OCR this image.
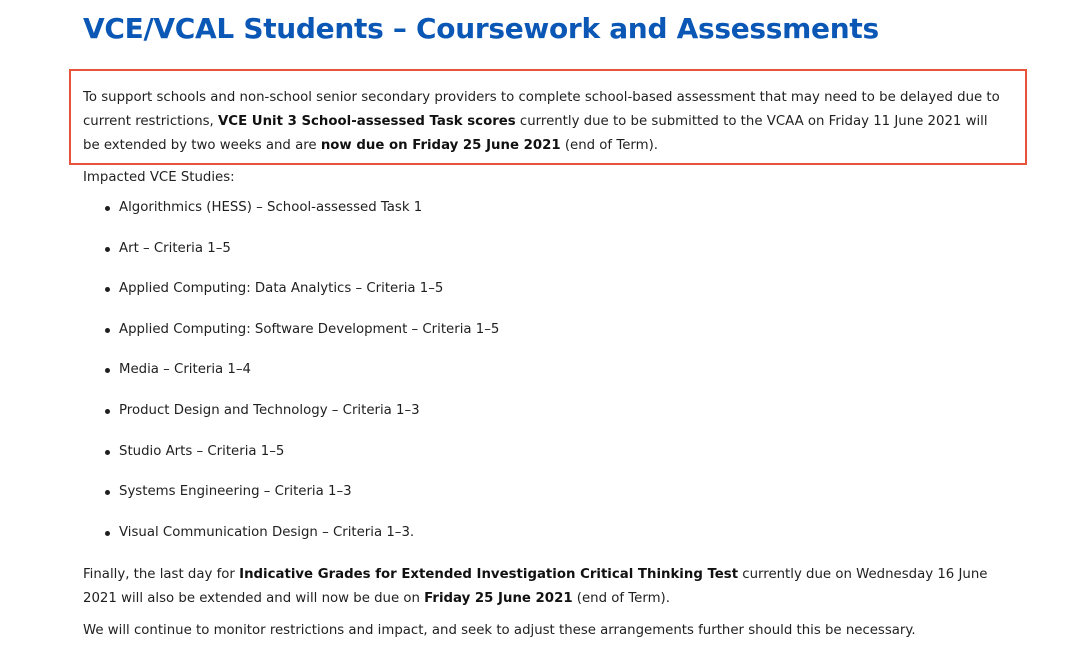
VCE/VCAL Students – Coursework and Assessments

To support schools and non-school senior secondary providers to complete school-based assessment that may need to be delayed due to current restrictions, VCE Unit 3 School-assessed Task scores currently due to be submitted to the VCAA on Friday 11 June 2021 will be extended by two weeks and are now due on Friday 25 June 2021 (end of Term).

Impacted VCE Studies:

Algorithmics (HESS) – School-assessed Task 1
Art – Criteria 1–5
Applied Computing: Data Analytics – Criteria 1–5
Applied Computing: Software Development – Criteria 1–5
Media – Criteria 1–4
Product Design and Technology – Criteria 1–3
Studio Arts – Criteria 1–5
Systems Engineering – Criteria 1–3
Visual Communication Design – Criteria 1–3.

Finally, the last day for Indicative Grades for Extended Investigation Critical Thinking Test currently due on Wednesday 16 June 2021 will also be extended and will now be due on Friday 25 June 2021 (end of Term).

We will continue to monitor restrictions and impact, and seek to adjust these arrangements further should this be necessary.
